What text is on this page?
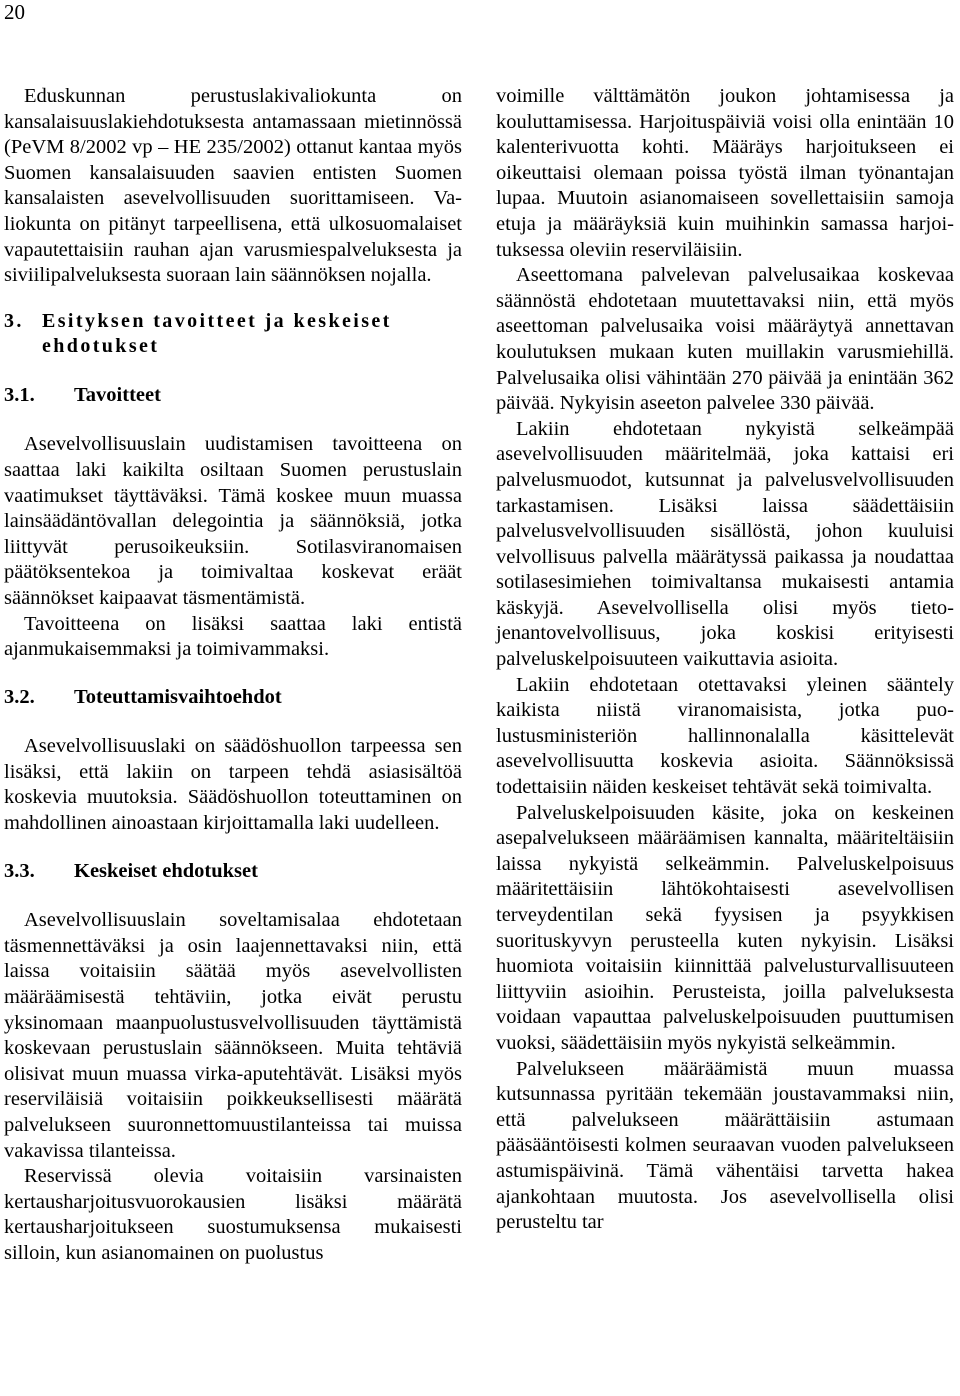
20

Eduskunnan perustuslakivaliokunta on kansalaisuuslakiehdotuksesta antamassaan mietinnössä (PeVM 8/2002 vp – HE 235/2002) ottanut kantaa myös Suomen kansalaisuuden saavien entisten Suomen kansalaisten asevelvollisuuden suorittamiseen. Valiokunta on pitänyt tarpeellisena, että ulkosuomalaiset vapautettaisiin rauhan ajan varusmiespalveluksesta ja siviilipalveluksesta suoraan lain säännöksen nojalla.

3. Esityksen tavoitteet ja keskeiset
ehdotukset
3.1. Tavoitteet

Asevelvollisuuslain uudistamisen tavoitteena on saattaa laki kaikilta osiltaan Suomen perustuslain vaatimukset täyttäväksi. Tämä koskee muun muassa lainsäädäntövallan delegointia ja säännöksiä, jotka liittyvät perusoikeuksiin. Sotilasviranomaisen päätöksentekoa ja toimivaltaa koskevat eräät säännökset kaipaavat täsmentämistä.

Tavoitteena on lisäksi saattaa laki entistä ajanmukaisemmaksi ja toimivammaksi.

3.2. Toteuttamisvaihtoehdot

Asevelvollisuuslaki on säädöshuollon tarpeessa sen lisäksi, että lakiin on tarpeen tehdä asiasisältöä koskevia muutoksia. Säädöshuollon toteuttaminen on mahdollinen ainoastaan kirjoittamalla laki uudelleen.

3.3. Keskeiset ehdotukset

Asevelvollisuuslain soveltamisalaa ehdotetaan täsmennettäväksi ja osin laajennettavaksi niin, että laissa voitaisiin säätää myös asevelvollisten määräämisestä tehtäviin, jotka eivät perustu yksinomaan maanpuolustusvelvollisuuden täyttämistä koskevaan perustuslain säännökseen. Muita tehtäviä olisivat muun muassa virka-aputehtävät. Lisäksi myös reserviläisiä voitaisiin poikkeuksellisesti määrätä palvelukseen suuronnettomuustilanteissa tai muissa vakavissa tilanteissa.

Reservissä olevia voitaisiin varsinaisten kertausharjoitusvuorokausien lisäksi määrätä kertausharjoitukseen suostumuksensa mukaisesti silloin, kun asianomainen on puolustus

voimille välttämätön joukon johtamisessa ja kouluttamisessa. Harjoituspäiviä voisi olla enintään 10 kalenterivuotta kohti. Määräys harjoitukseen ei oikeuttaisi olemaan poissa työstä ilman työnantajan lupaa. Muutoin asianomaiseen sovellettaisiin samoja etuja ja määräyksiä kuin muihinkin samassa harjoituksessa oleviin reserviläisiin.

Aseettomana palvelevan palvelusaikaa koskevaa säännöstä ehdotetaan muutettavaksi niin, että myös aseettoman palvelusaika voisi määräytyä annettavan koulutuksen mukaan kuten muillakin varusmiehillä. Palvelusaika olisi vähintään 270 päivää ja enintään 362 päivää. Nykyisin aseeton palvelee 330 päivää.

Lakiin ehdotetaan nykyistä selkeämpää asevelvollisuuden määritelmää, joka kattaisi eri palvelusmuodot, kutsunnat ja palvelusvelvollisuuden tarkastamisen. Lisäksi laissa säädettäisiin palvelusvelvollisuuden sisällöstä, johon kuuluisi velvollisuus palvella määrätyssä paikassa ja noudattaa sotilasesimiehen toimivaltansa mukaisesti antamia käskyjä. Asevelvollisella olisi myös tietojenantovelvollisuus, joka koskisi erityisesti palveluskelpoisuuteen vaikuttavia asioita.

Lakiin ehdotetaan otettavaksi yleinen sääntely kaikista niistä viranomaisista, jotka puolustusministeriön hallinnonalalla käsittelevät asevelvollisuutta koskevia asioita. Säännöksissä todettaisiin näiden keskeiset tehtävät sekä toimivalta.

Palveluskelpoisuuden käsite, joka on keskeinen asepalvelukseen määräämisen kannalta, määriteltäisiin laissa nykyistä selkeämmin. Palveluskelpoisuus määritettäisiin lähtökohtaisesti asevelvollisen terveydentilan sekä fyysisen ja psyykkisen suorituskyvyn perusteella kuten nykyisin. Lisäksi huomiota voitaisiin kiinnittää palvelusturvallisuuteen liittyviin asioihin. Perusteista, joilla palveluksesta voidaan vapauttaa palveluskelpoisuuden puuttumisen vuoksi, säädettäisiin myös nykyistä selkeämmin.

Palvelukseen määräämistä muun muassa kutsunnassa pyritään tekemään joustavammaksi niin, että palvelukseen määrättäisiin astumaan pääsääntöisesti kolmen seuraavan vuoden palvelukseen astumispäivinä. Tämä vähentäisi tarvetta hakea ajankohtaan muutosta. Jos asevelvollisella olisi perusteltu tar
